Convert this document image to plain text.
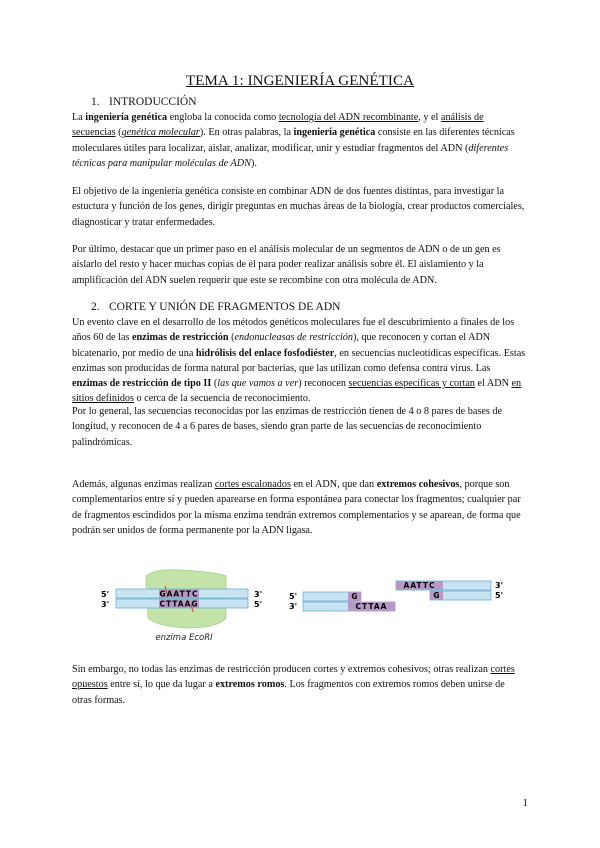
TEMA 1: INGENIERÍA GENÉTICA
1. INTRODUCCIÓN

La ingeniería genética engloba la conocida como tecnología del ADN recombinante, y el análisis de secuencias (genética molecular). En otras palabras, la ingeniería genética consiste en las diferentes técnicas moleculares útiles para localizar, aislar, analizar, modificar, unir y estudiar fragmentos del ADN (diferentes técnicas para manipular moléculas de ADN).

El objetivo de la ingeniería genética consiste en combinar ADN de dos fuentes distintas, para investigar la estuctura y función de los genes, dirigir preguntas en muchas áreas de la biología, crear productos comerciales, diagnosticar y tratar enfermedades.

Por último, destacar que un primer paso en el análisis molecular de un segmentos de ADN o de un gen es aislarlo del resto y hacer muchas copias de él para poder realizar análisis sobre él. El aislamiento y la amplificación del ADN suelen requerir que este se recombine con otra molécula de ADN.

2. CORTE Y UNIÓN DE FRAGMENTOS DE ADN

Un evento clave en el desarrollo de los métodos genéticos moleculares fue el descubrimiento a finales de los años 60 de las enzimas de restricción (endonucleasas de restricción), que reconocen y cortan el ADN bicatenario, por medio de una hidrólisis del enlace fosfodiéster, en secuencias nucleotídicas específicas. Estas enzimas son producidas de forma natural por bacterias, que las utilizan como defensa contra virus. Las enzimas de restricción de tipo II (las que vamos a ver) reconocen secuencias específicas y cortan el ADN en sitios definidos o cerca de la secuencia de reconocimiento.

Por lo general, las secuencias reconocidas por las enzimas de restricción tienen de 4 o 8 pares de bases de longitud, y reconocen de 4 a 6 pares de bases, siendo gran parte de las secuencias de reconocimiento palindrómicas.

Además, algunas enzimas realizan cortes escalonados en el ADN, que dan extremos cohesivos, porque son complementarios entre sí y pueden aparearse en forma espontánea para conectar los fragmentos; cualquier par de fragmentos escindidos por la misma enzima tendrán extremos complementarios y se aparean, de forma que podrán ser unidos de forma permanente por la ADN ligasa.

5'
3'
3'
5'
GAATTC
CTTAAG
enzima EcoRI
5'
3'
G
CTTAA
AATTC
G
3'
5'

Sin embargo, no todas las enzimas de restricción producen cortes y extremos cohesivos; otras realizan cortes opuestos entre sí, lo que da lugar a extremos romos. Los fragmentos con extremos romos deben unirse de otras formas.

1
